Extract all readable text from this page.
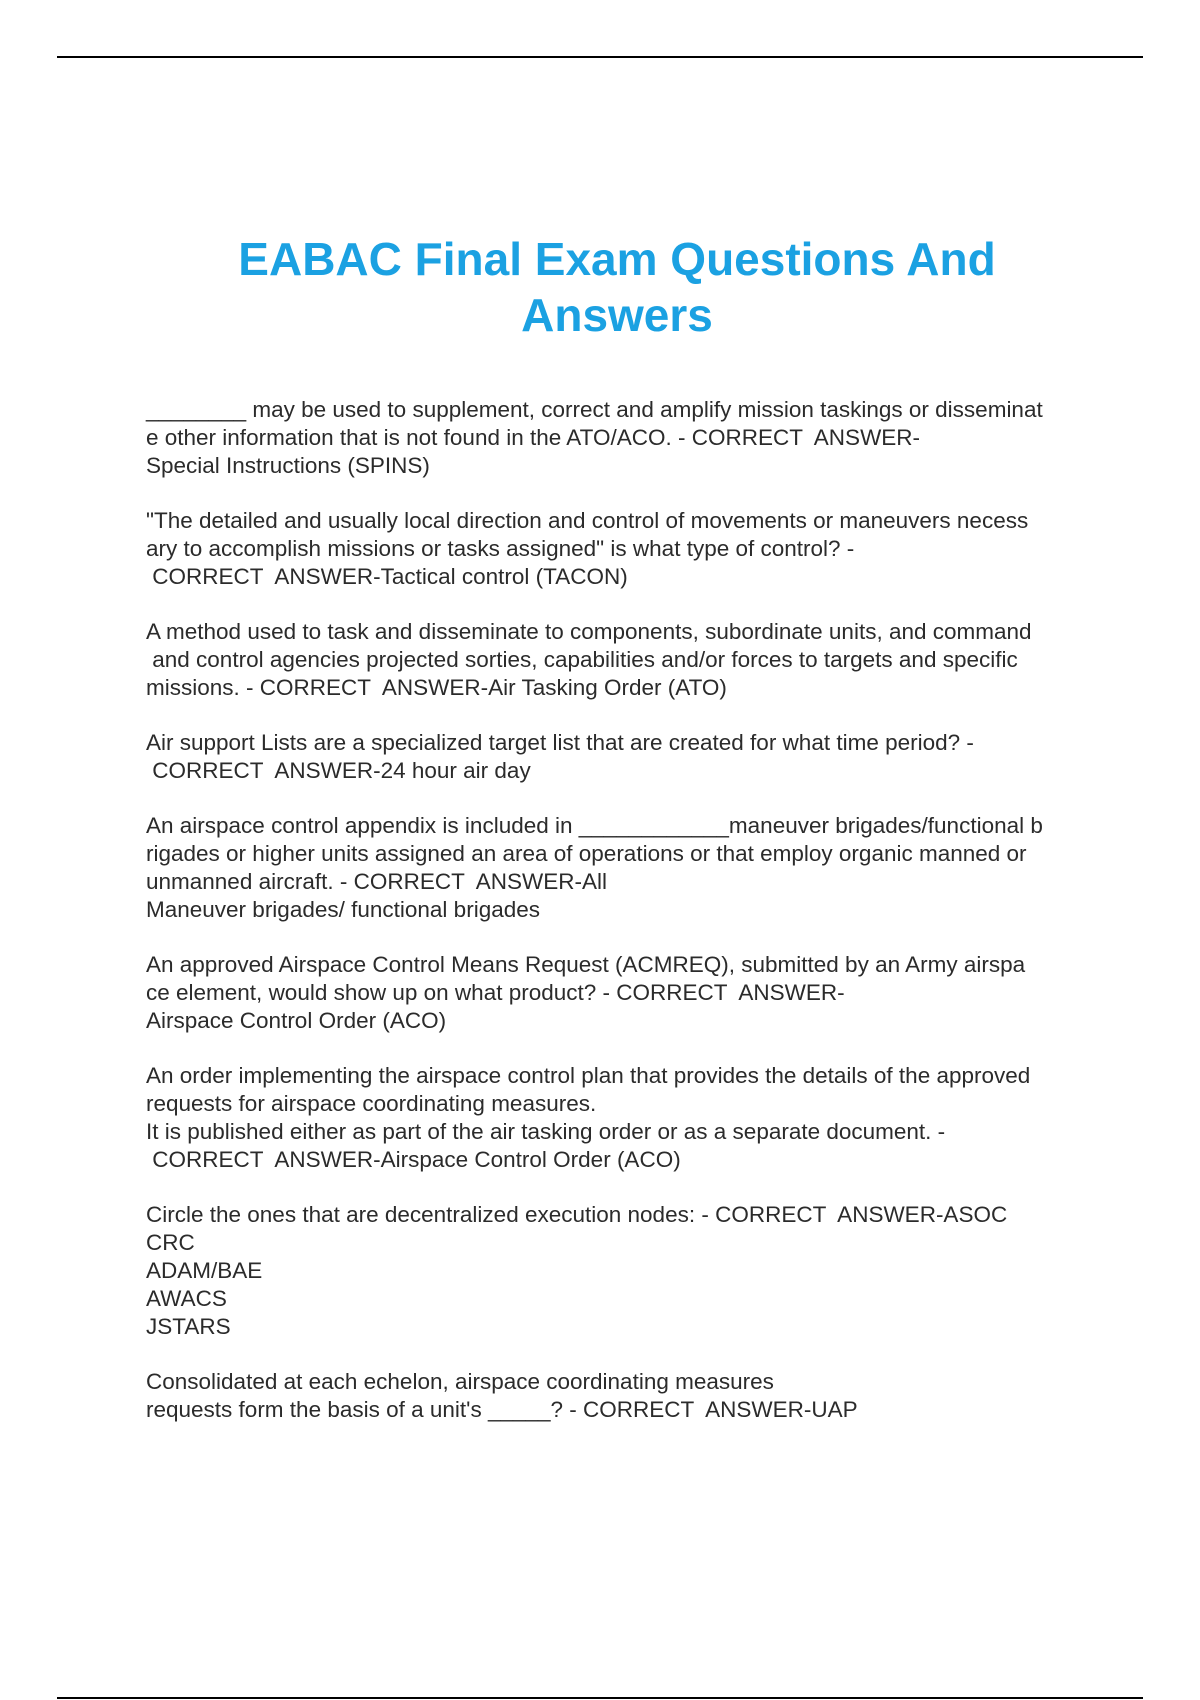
EABAC Final Exam Questions And
Answers
________ may be used to supplement, correct and amplify mission taskings or disseminat
e other information that is not found in the ATO/ACO. - CORRECT  ANSWER-
Special Instructions (SPINS)
"The detailed and usually local direction and control of movements or maneuvers necess
ary to accomplish missions or tasks assigned" is what type of control? -
CORRECT  ANSWER-Tactical control (TACON)
A method used to task and disseminate to components, subordinate units, and command
and control agencies projected sorties, capabilities and/or forces to targets and specific
missions. - CORRECT  ANSWER-Air Tasking Order (ATO)
Air support Lists are a specialized target list that are created for what time period? -
CORRECT  ANSWER-24 hour air day
An airspace control appendix is included in ____________maneuver brigades/functional b
rigades or higher units assigned an area of operations or that employ organic manned or
unmanned aircraft. - CORRECT  ANSWER-All
Maneuver brigades/ functional brigades
An approved Airspace Control Means Request (ACMREQ), submitted by an Army airspa
ce element, would show up on what product? - CORRECT  ANSWER-
Airspace Control Order (ACO)
An order implementing the airspace control plan that provides the details of the approved
requests for airspace coordinating measures.
It is published either as part of the air tasking order or as a separate document. -
CORRECT  ANSWER-Airspace Control Order (ACO)
Circle the ones that are decentralized execution nodes: - CORRECT  ANSWER-ASOC
CRC
ADAM/BAE
AWACS
JSTARS
Consolidated at each echelon, airspace coordinating measures
requests form the basis of a unit's _____? - CORRECT  ANSWER-UAP
